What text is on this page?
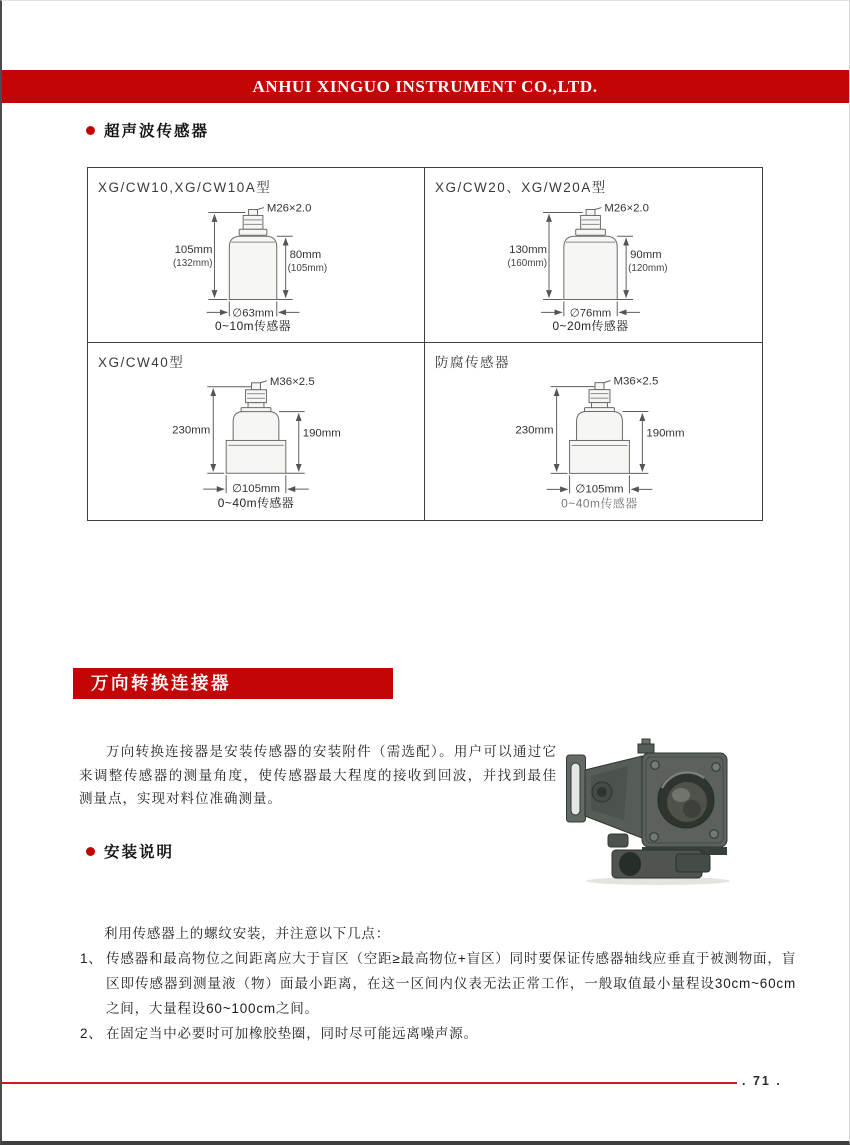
ANHUI XINGUO INSTRUMENT CO.,LTD.
超声波传感器
XG/CW10,XG/CW10A型
M26×2.0
105mm
(132mm)
80mm
(105mm)
∅63mm
0~10m传感器
XG/CW20、XG/W20A型
M26×2.0
130mm
(160mm)
90mm
(120mm)
∅76mm
0~20m传感器
XG/CW40型
M36×2.5
230mm	190mm
∅105mm
0~40m传感器
防腐传感器
M36×2.5
230mm	190mm
∅105mm
0~40m传感器
万向转换连接器
万向转换连接器是安装传感器的安装附件（需选配）。用户可以通过它来调整传感器的测量角度，使传感器最大程度的接收到回波，并找到最佳测量点，实现对料位准确测量。
安装说明
利用传感器上的螺纹安装，并注意以下几点：
1、 传感器和最高物位之间距离应大于盲区（空距≥最高物位+盲区）同时要保证传感器轴线应垂直于被测物面，盲区即传感器到测量液（物）面最小距离，在这一区间内仪表无法正常工作，一般取值最小量程设30cm~60cm之间，大量程设60~100cm之间。
2、 在固定当中必要时可加橡胶垫圈，同时尽可能远离噪声源。
. 71 .
